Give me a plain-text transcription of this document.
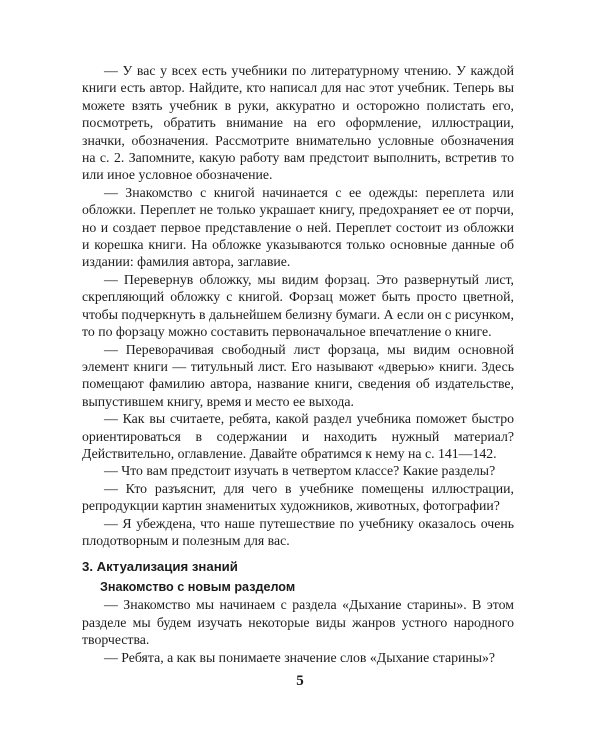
— У вас у всех есть учебники по литературному чтению. У каждой книги есть автор. Найдите, кто написал для нас этот учебник. Теперь вы можете взять учебник в руки, аккуратно и осторожно полистать его, посмотреть, обратить внимание на его оформление, иллюстрации, значки, обозначения. Рассмотрите внимательно условные обозначения на с. 2. Запомните, какую работу вам предстоит выполнить, встретив то или иное условное обозначение.

— Знакомство с книгой начинается с ее одежды: переплета или обложки. Переплет не только украшает книгу, предохраняет ее от порчи, но и создает первое представление о ней. Переплет состоит из обложки и корешка книги. На обложке указываются только основные данные об издании: фамилия автора, заглавие.

— Перевернув обложку, мы видим форзац. Это развернутый лист, скрепляющий обложку с книгой. Форзац может быть просто цветной, чтобы подчеркнуть в дальнейшем белизну бумаги. А если он с рисунком, то по форзацу можно составить первоначальное впечатление о книге.

— Переворачивая свободный лист форзаца, мы видим основной элемент книги — титульный лист. Его называют «дверью» книги. Здесь помещают фамилию автора, название книги, сведения об издательстве, выпустившем книгу, время и место ее выхода.

— Как вы считаете, ребята, какой раздел учебника поможет быстро ориентироваться в содержании и находить нужный материал? Действительно, оглавление. Давайте обратимся к нему на с. 141—142.

— Что вам предстоит изучать в четвертом классе? Какие разделы?

— Кто разъяснит, для чего в учебнике помещены иллюстрации, репродукции картин знаменитых художников, животных, фотографии?

— Я убеждена, что наше путешествие по учебнику оказалось очень плодотворным и полезным для вас.

3. Актуализация знаний
Знакомство с новым разделом

— Знакомство мы начинаем с раздела «Дыхание старины». В этом разделе мы будем изучать некоторые виды жанров устного народного творчества.

— Ребята, а как вы понимаете значение слов «Дыхание старины»?

5
